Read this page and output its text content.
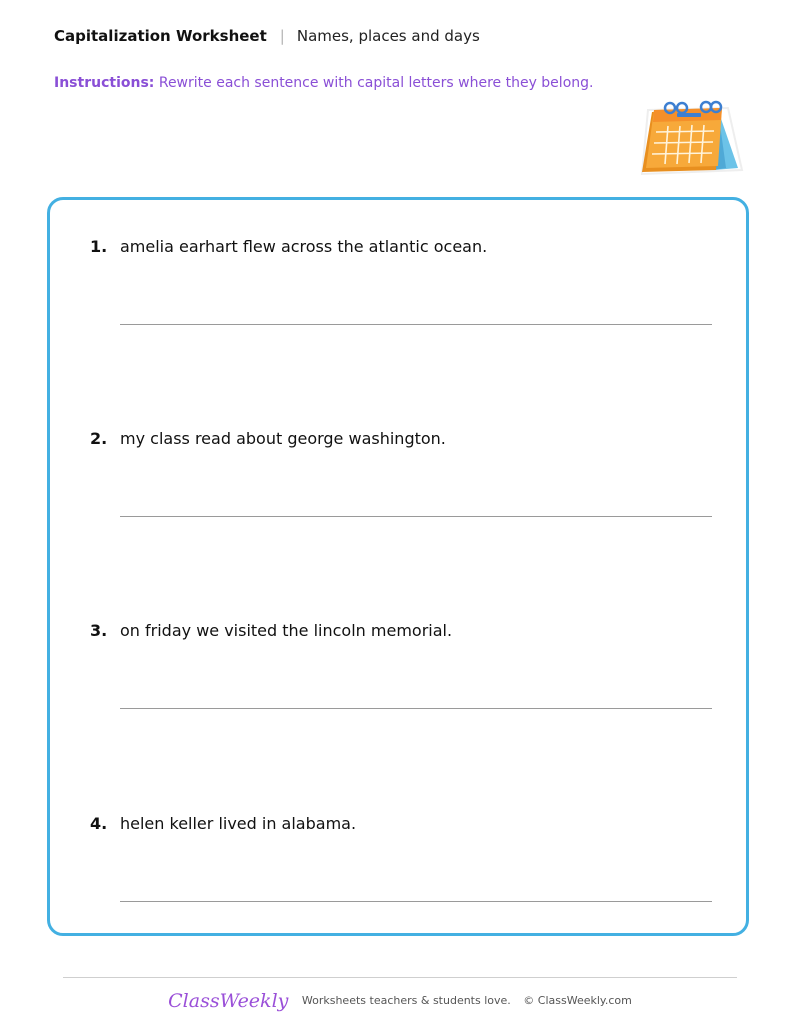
Capitalization Worksheet | Names, places and days
Instructions: Rewrite each sentence with capital letters where they belong.
1. amelia earhart flew across the atlantic ocean.
2. my class read about george washington.
3. on friday we visited the lincoln memorial.
4. helen keller lived in alabama.
ClassWeekly Worksheets teachers & students love. © ClassWeekly.com
